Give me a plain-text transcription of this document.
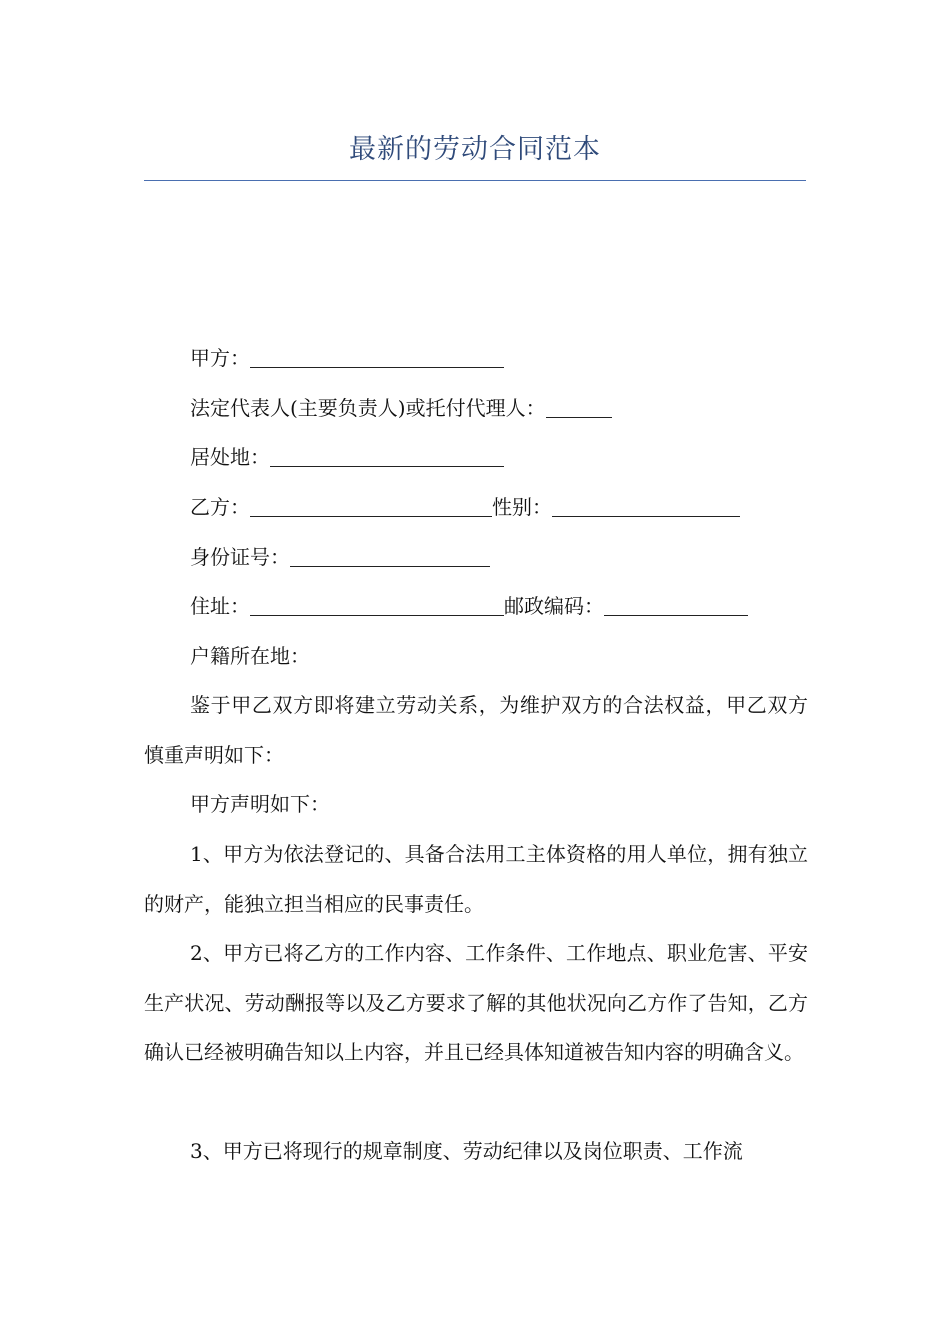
最新的劳动合同范本
甲方：
法定代表人(主要负责人)或托付代理人：
居处地：
乙方：	性别：
身份证号：
住址：	邮政编码：
户籍所在地：
鉴于甲乙双方即将建立劳动关系，为维护双方的合法权益，甲乙双方慎重声明如下：
甲方声明如下：
1、甲方为依法登记的、具备合法用工主体资格的用人单位，拥有独立的财产，能独立担当相应的民事责任。
2、甲方已将乙方的工作内容、工作条件、工作地点、职业危害、平安生产状况、劳动酬报等以及乙方要求了解的其他状况向乙方作了告知，乙方确认已经被明确告知以上内容，并且已经具体知道被告知内容的明确含义。
3、甲方已将现行的规章制度、劳动纪律以及岗位职责、工作流
